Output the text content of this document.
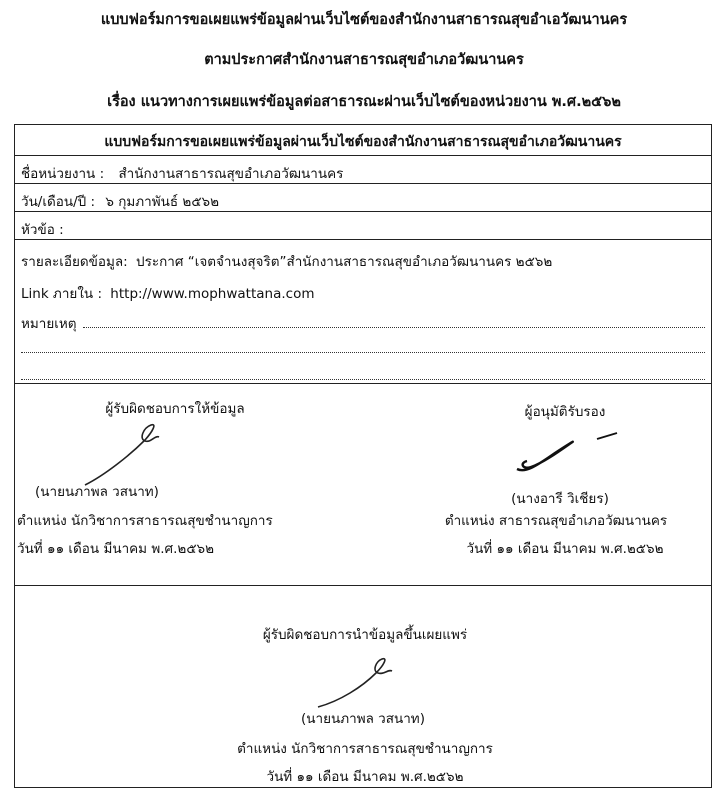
แบบฟอร์มการขอเผยแพร่ข้อมูลผ่านเว็บไซต์ของสำนักงานสาธารณสุขอำเอวัฒนานคร
ตามประกาศสำนักงานสาธารณสุขอำเภอวัฒนานคร
เรื่อง แนวทางการเผยแพร่ข้อมูลต่อสาธารณะผ่านเว็บไซต์ของหน่วยงาน พ.ศ.๒๕๖๒
แบบฟอร์มการขอเผยแพร่ข้อมูลผ่านเว็บไซต์ของสำนักงานสาธารณสุขอำเภอวัฒนานคร
ชื่อหน่วยงาน : สำนักงานสาธารณสุขอำเภอวัฒนานคร
วัน/เดือน/ปี : ๖ กุมภาพันธ์ ๒๕๖๒
หัวข้อ :
รายละเอียดข้อมูล: ประกาศ “เจตจำนงสุจริต”สำนักงานสาธารณสุขอำเภอวัฒนานคร ๒๕๖๒
Link ภายใน : http://www.mophwattana.com
หมายเหตุ
ผู้รับผิดชอบการให้ข้อมูล
(นายนภาพล วสนาท)
ตำแหน่ง นักวิชาการสาธารณสุขชำนาญการ
วันที่ ๑๑ เดือน มีนาคม พ.ศ.๒๕๖๒
ผู้อนุมัติรับรอง
(นางอารี วิเชียร)
ตำแหน่ง สาธารณสุขอำเภอวัฒนานคร
วันที่ ๑๑ เดือน มีนาคม พ.ศ.๒๕๖๒
ผู้รับผิดชอบการนำข้อมูลขึ้นเผยแพร่
(นายนภาพล วสนาท)
ตำแหน่ง นักวิชาการสาธารณสุขชำนาญการ
วันที่ ๑๑ เดือน มีนาคม พ.ศ.๒๕๖๒
